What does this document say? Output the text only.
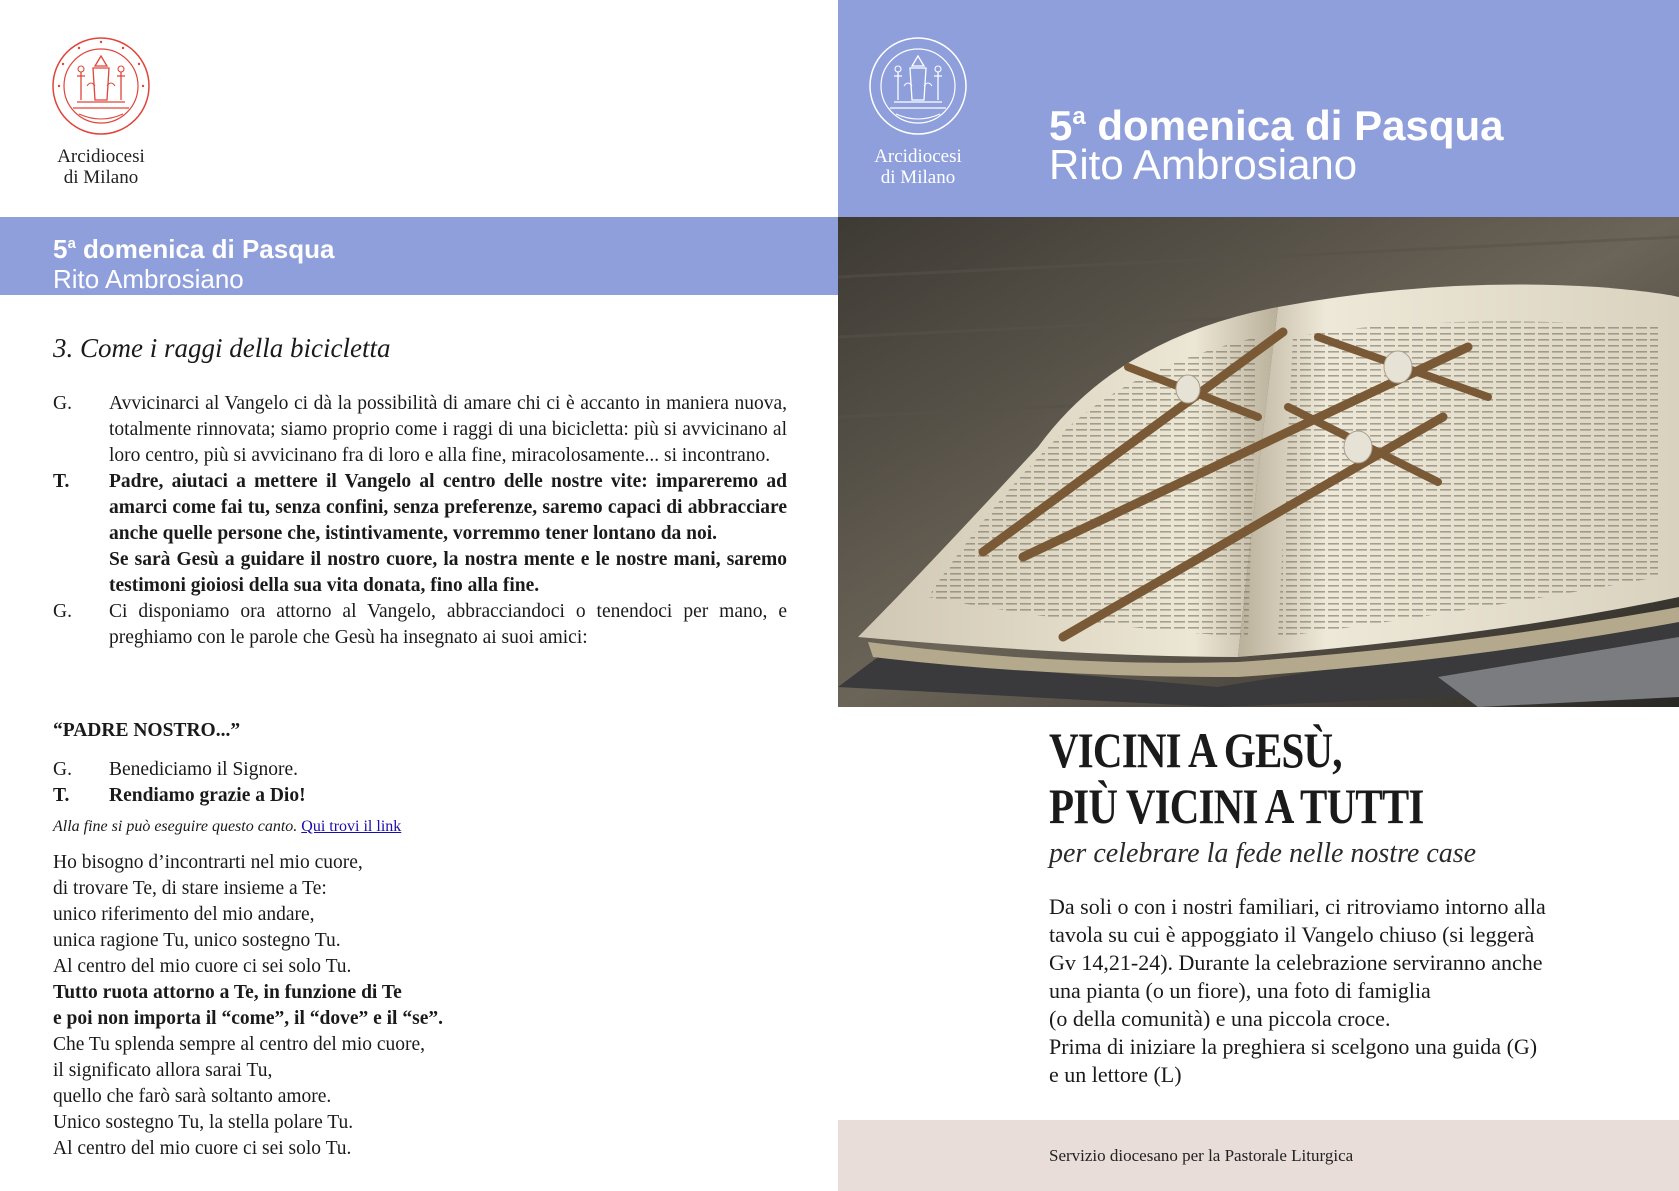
Arcidiocesi
di Milano
5$^a$ domenica di Pasqua
Rito Ambrosiano
3. Come i raggi della bicicletta
G.	Avvicinarci al Vangelo ci dà la possibilità di amare chi ci è accanto in maniera nuova, totalmente rinnovata; siamo proprio come i raggi di una bicicletta: più si avvicinano al loro centro, più si avvicinano fra di loro e alla fine, miracolosamente... si incontrano.
T.	Padre, aiutaci a mettere il Vangelo al centro delle nostre vite: impareremo ad amarci come fai tu, senza confini, senza preferenze, saremo capaci di abbracciare anche quelle persone che, istintivamente, vorremmo tener lontano da noi.
Se sarà Gesù a guidare il nostro cuore, la nostra mente e le nostre mani, saremo testimoni gioiosi della sua vita donata, fino alla fine.
G.	Ci disponiamo ora attorno al Vangelo, abbracciandoci o tenendoci per mano, e preghiamo con le parole che Gesù ha insegnato ai suoi amici:
“PADRE NOSTRO...”
G.	Benediciamo il Signore.
T.	Rendiamo grazie a Dio!
Alla fine si può eseguire questo canto. Qui trovi il link
Ho bisogno d’incontrarti nel mio cuore,
di trovare Te, di stare insieme a Te:
unico riferimento del mio andare,
unica ragione Tu, unico sostegno Tu.
Al centro del mio cuore ci sei solo Tu.
Tutto ruota attorno a Te, in funzione di Te
e poi non importa il “come”, il “dove” e il “se”.
Che Tu splenda sempre al centro del mio cuore,
il significato allora sarai Tu,
quello che farò sarà soltanto amore.
Unico sostegno Tu, la stella polare Tu.
Al centro del mio cuore ci sei solo Tu.
Arcidiocesi
di Milano
5$^a$ domenica di Pasqua
Rito Ambrosiano
VICINI A GESÙ,
PIÙ VICINI A TUTTI
per celebrare la fede nelle nostre case
Da soli o con i nostri familiari, ci ritroviamo intorno alla
tavola su cui è appoggiato il Vangelo chiuso (si leggerà
Gv 14,21-24). Durante la celebrazione serviranno anche
una pianta (o un fiore), una foto di famiglia
(o della comunità) e una piccola croce.
Prima di iniziare la preghiera si scelgono una guida (G)
e un lettore (L)
Servizio diocesano per la Pastorale Liturgica
